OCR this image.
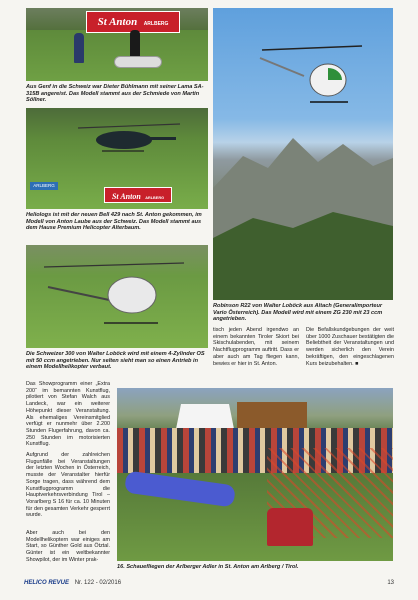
St Anton ARLBERG
Aus Genf in die Schweiz war Dieter Bühlmann mit seiner Lama SA-315B angereist. Das Modell stammt aus der Schmiede von Martin Söllner.
ARLBERG
St Anton ARLBERG
Heliologs ist mit der neuen Bell 429 nach St. Anton gekommen, im Modell von Anton Laube aus der Schweiz. Das Modell stammt aus dem Hause Premium Helicopter Alterbaum.
Robinson R22 von Walter Loböck aus Altach (Generalimporteur Vario Österreich). Das Modell wird mit einem ZG 230 mit 23 ccm angetrieben.
Die Schweizer 300 von Walter Loböck wird mit einem 4-Zylinder OS mit 50 ccm angetrieben. Nur selten sieht man so einen Antrieb in einem Modellhelikopter verbaut.
tisch jeden Abend irgendwo an einem bekannten Tiroler Skiort bei Skischulabenden, mit seinem Nachtflugprogramm auftritt. Dass er aber auch am Tag fliegen kann, bewies er hier in St. Anton.
Die Befallskundgebungen der weit über 1000 Zuschauer bestätigten die Beliebtheit der Veranstaltungen und werden sicherlich den Verein bekräftigen, den eingeschlagenen Kurs beizubehalten. ■
Das Showprogramm einer „Extra 200“ im bemannten Kunstflug, pilotiert von Stefan Walch aus Landeck, war ein weiterer Höhepunkt dieser Veranstaltung. Als ehemaliges Vereinsmitglied verfügt er nunmehr über 2.200 Stunden Flugerfahrung, davon ca. 250 Stunden im motorisierten Kunstflug.
Aufgrund der zahlreichen Flugunfälle bei Veranstaltungen der letzten Wochen in Österreich, musste der Veranstalter hierfür Sorge tragen, dass während dem Kunstflugprogramm die Hauptverkehrsverbindung Tirol – Vorarlberg S 16 für ca. 10 Minuten für den gesamten Verkehr gesperrt wurde.
Aber auch bei den Modellhelikoptern war einiges am Start, so Günther Gold aus Ötztal. Günter ist ein weltbekannter Showpilot, der im Winter prak-
16. Schauefliegen der Arlberger Adler in St. Anton am Arlberg / Tirol.
HELICO REVUE Nr. 122 - 02/2016	13
